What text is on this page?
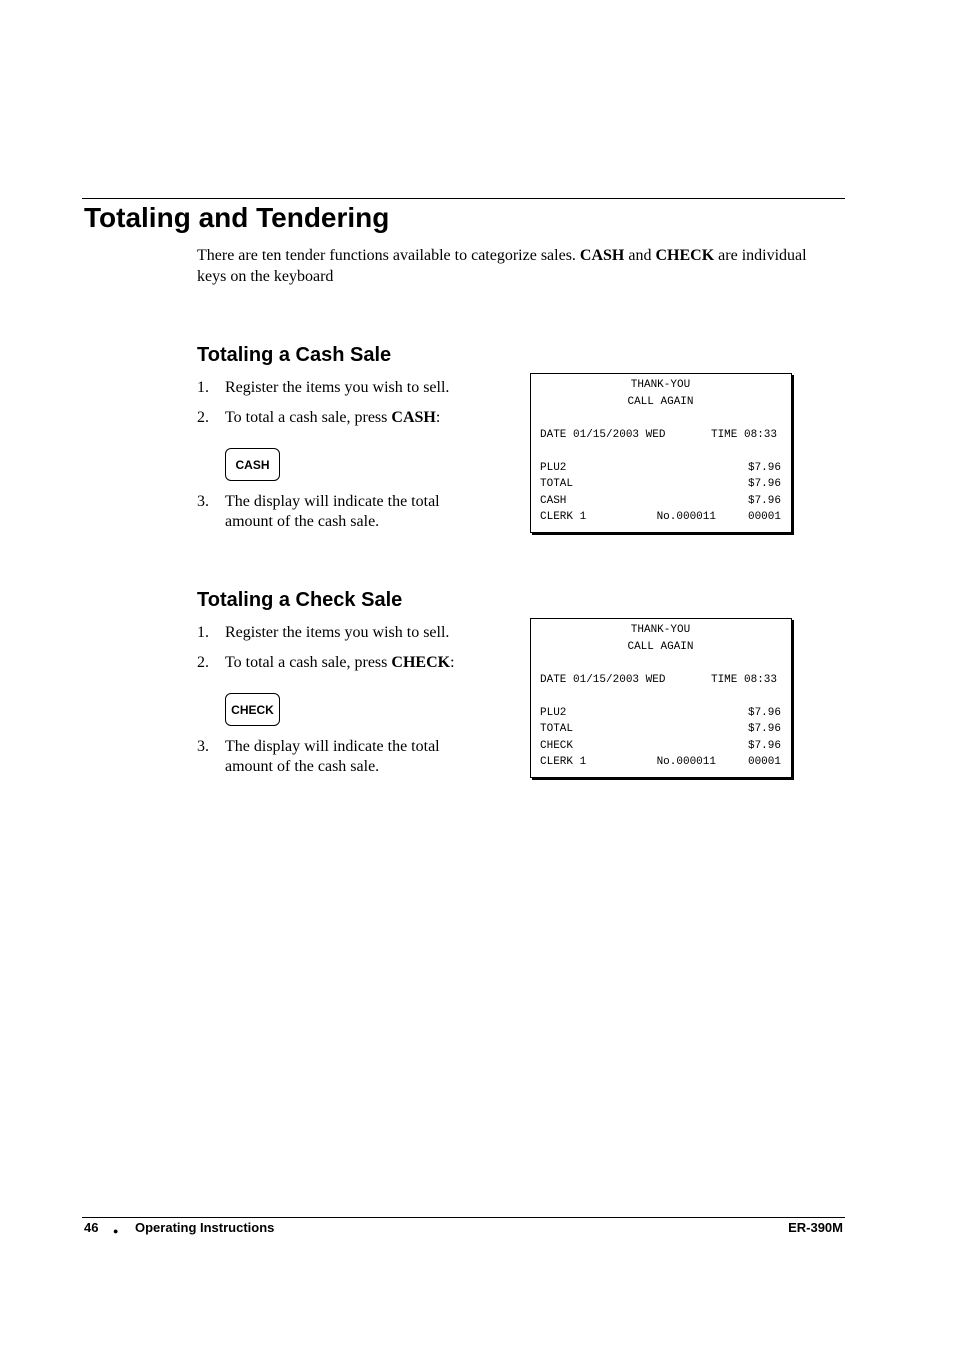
Totaling and Tendering

There are ten tender functions available to categorize sales. CASH and CHECK are individual keys on the keyboard

Totaling a Cash Sale
1.	Register the items you wish to sell.
2.	To total a cash sale, press CASH:
CASH
3.	The display will indicate the total amount of the cash sale.
THANK-YOU
CALL AGAIN
DATE 01/15/2003 WED	TIME 08:33
PLU2	$7.96
TOTAL	$7.96
CASH	$7.96
CLERK 1	No.000011	00001
Totaling a Check Sale
1.	Register the items you wish to sell.
2.	To total a cash sale, press CHECK:
CHECK
3.	The display will indicate the total amount of the cash sale.
THANK-YOU
CALL AGAIN
DATE 01/15/2003 WED	TIME 08:33
PLU2	$7.96
TOTAL	$7.96
CHECK	$7.96
CLERK 1	No.000011	00001
46 ● Operating Instructions	ER-390M
